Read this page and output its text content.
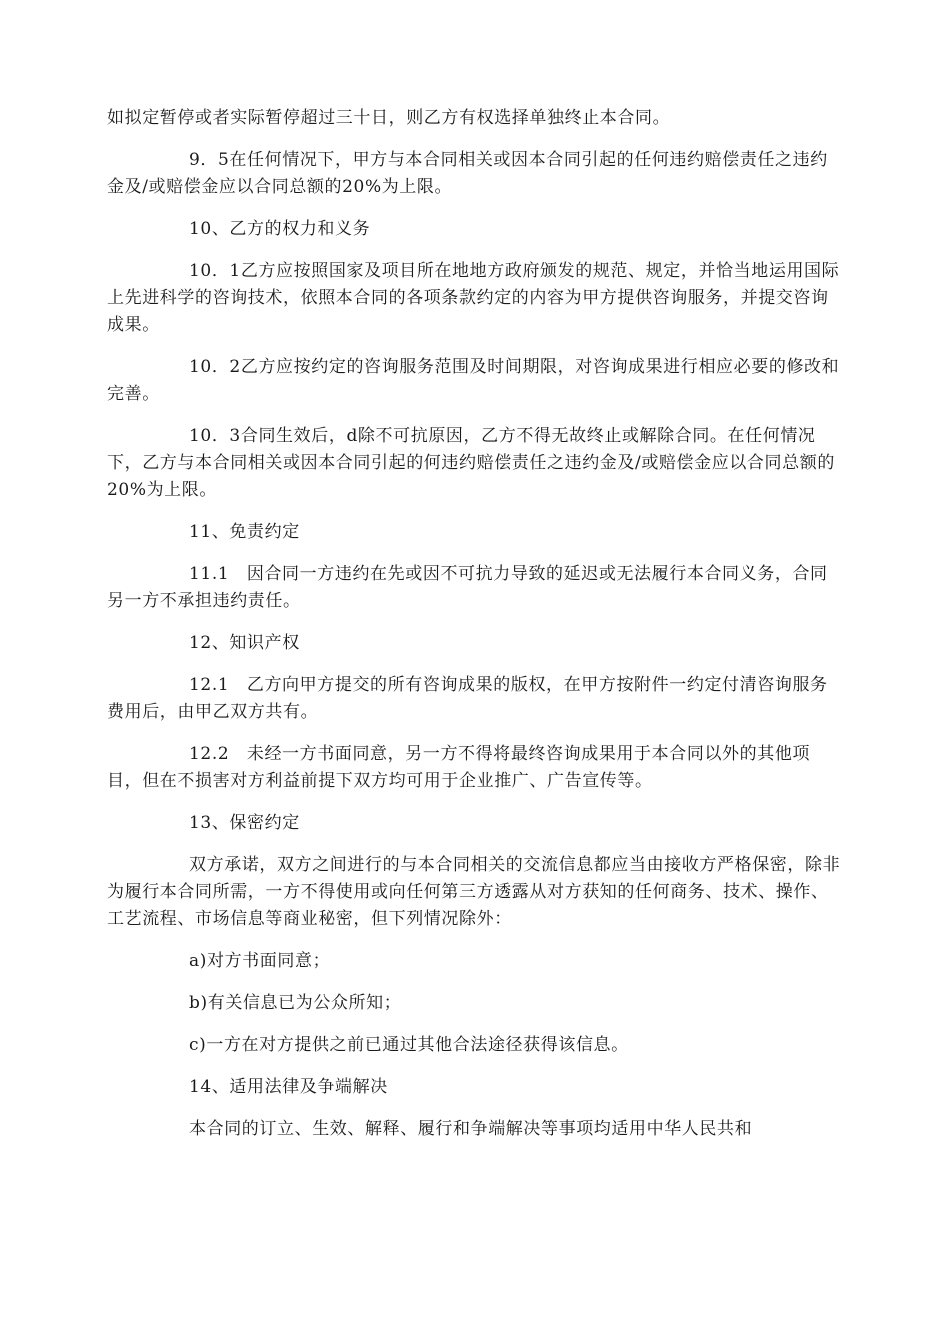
如拟定暂停或者实际暂停超过三十日，则乙方有权选择单独终止本合同。

9．5在任何情况下，甲方与本合同相关或因本合同引起的任何违约赔偿责任之违约金及/或赔偿金应以合同总额的20%为上限。

10、乙方的权力和义务

10．1乙方应按照国家及项目所在地地方政府颁发的规范、规定，并恰当地运用国际上先进科学的咨询技术，依照本合同的各项条款约定的内容为甲方提供咨询服务，并提交咨询成果。

10．2乙方应按约定的咨询服务范围及时间期限，对咨询成果进行相应必要的修改和完善。

10．3合同生效后，d除不可抗原因，乙方不得无故终止或解除合同。在任何情况下，乙方与本合同相关或因本合同引起的何违约赔偿责任之违约金及/或赔偿金应以合同总额的20%为上限。

11、免责约定

11.1　因合同一方违约在先或因不可抗力导致的延迟或无法履行本合同义务，合同另一方不承担违约责任。

12、知识产权

12.1　乙方向甲方提交的所有咨询成果的版权，在甲方按附件一约定付清咨询服务费用后，由甲乙双方共有。

12.2　未经一方书面同意，另一方不得将最终咨询成果用于本合同以外的其他项目，但在不损害对方利益前提下双方均可用于企业推广、广告宣传等。

13、保密约定

双方承诺，双方之间进行的与本合同相关的交流信息都应当由接收方严格保密，除非为履行本合同所需，一方不得使用或向任何第三方透露从对方获知的任何商务、技术、操作、工艺流程、市场信息等商业秘密，但下列情况除外：

a)对方书面同意；

b)有关信息已为公众所知；

c)一方在对方提供之前已通过其他合法途径获得该信息。

14、适用法律及争端解决

本合同的订立、生效、解释、履行和争端解决等事项均适用中华人民共和
